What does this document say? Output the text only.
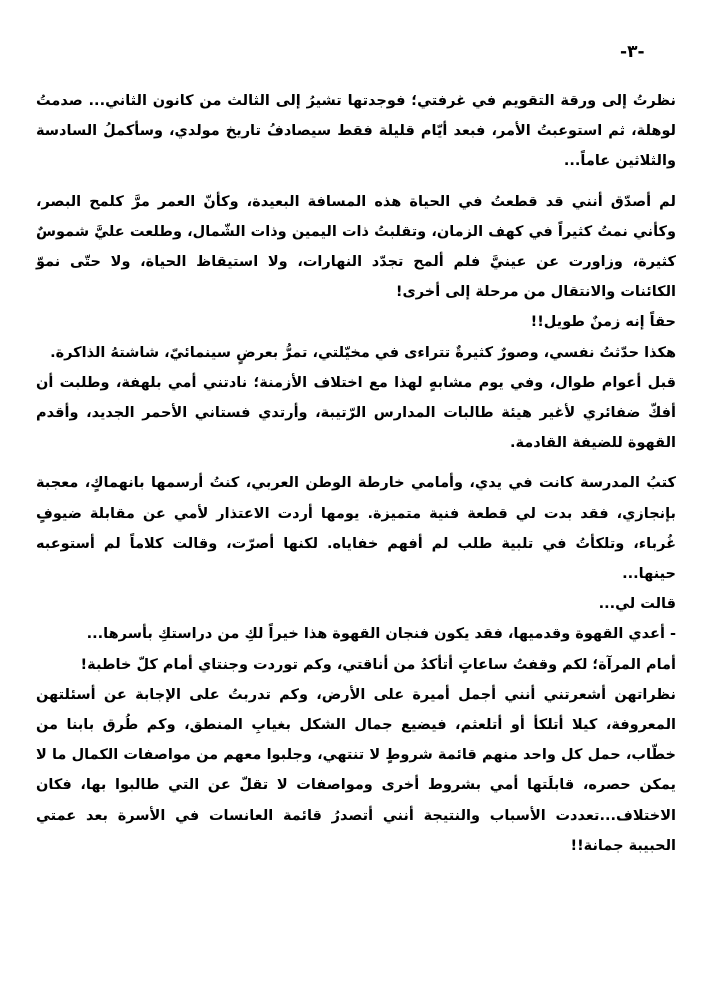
-٣-

نظرتُ إلى ورقة التقويم في غرفتي؛ فوجدتها تشيرُ إلى الثالث من كانون الثاني... صدمتُ لوهلة، ثم استوعبتُ الأمر، فبعد أيّام قليلة فقط سيصادفُ تاريخ مولدي، وسأكملُ السادسة والثلاثين عاماً...

لم أصدّق أنني قد قطعتُ في الحياة هذه المسافة البعيدة، وكأنّ العمر مرَّ كلمح البصر، وكأني نمتُ كثيراً في كهف الزمان، وتقلبتُ ذات اليمين وذات الشّمال، وطلعت عليَّ شموسٌ كثيرة، وزاورت عن عينيَّ فلم ألمح تجدّد النهارات، ولا استيقاظ الحياة، ولا حتّى نموّ الكائنات والانتقال من مرحلة إلى أخرى!

حقاً إنه زمنٌ طويل!!

هكذا حدّثتُ نفسي، وصورٌ كثيرةٌ تتراءى في مخيّلتي، تمرُّ بعرضٍ سينمائيّ، شاشتهُ الذاكرة.

قبل أعوام طوال، وفي يوم مشابهٍ لهذا مع اختلاف الأزمنة؛ نادتني أمي بلهفة، وطلبت أن أفكّ ضفائري لأغير هيئة طالبات المدارس الرّتيبة، وأرتدي فستاني الأحمر الجديد، وأقدم القهوة للضيفة القادمة.

كتبُ المدرسة كانت في يدي، وأمامي خارطة الوطن العربي، كنتُ أرسمها بانهماكٍ، معجبة بإنجازي، فقد بدت لي قطعة فنية متميزة. يومها أردت الاعتذار لأمي عن مقابلة ضيوفٍ غُرباء، وتلكأتُ في تلبية طلب لم أفهم خفاياه. لكنها أصرّت، وقالت كلاماً لم أستوعبه حينها...

قالت لي...

- أعدي القهوة وقدميها، فقد يكون فنجان القهوة هذا خيراً لكِ من دراستكِ بأسرها...

أمام المرآة؛ لكم وقفتُ ساعاتٍ أتأكدُ من أناقتي، وكم توردت وجنتاي أمام كلّ خاطبة!

نظراتهن أشعرتني أنني أجمل أميرة على الأرض، وكم تدربتُ على الإجابة عن أسئلتهن المعروفة، كيلا أتلكأ أو أتلعثم، فيضيع جمال الشكل بغيابِ المنطق، وكم طُرق بابنا من خطّاب، حمل كل واحد منهم قائمة شروطٍ لا تنتهي، وجلبوا معهم من مواصفات الكمال ما لا يمكن حصره، قابلَتها أمي بشروط أخرى ومواصفات لا تقلّ عن التي طالبوا بها، فكان الاختلاف...تعددت الأسباب والنتيجة أنني أتصدرُ قائمة العانسات في الأسرة بعد عمتي الحبيبة جمانة!!
